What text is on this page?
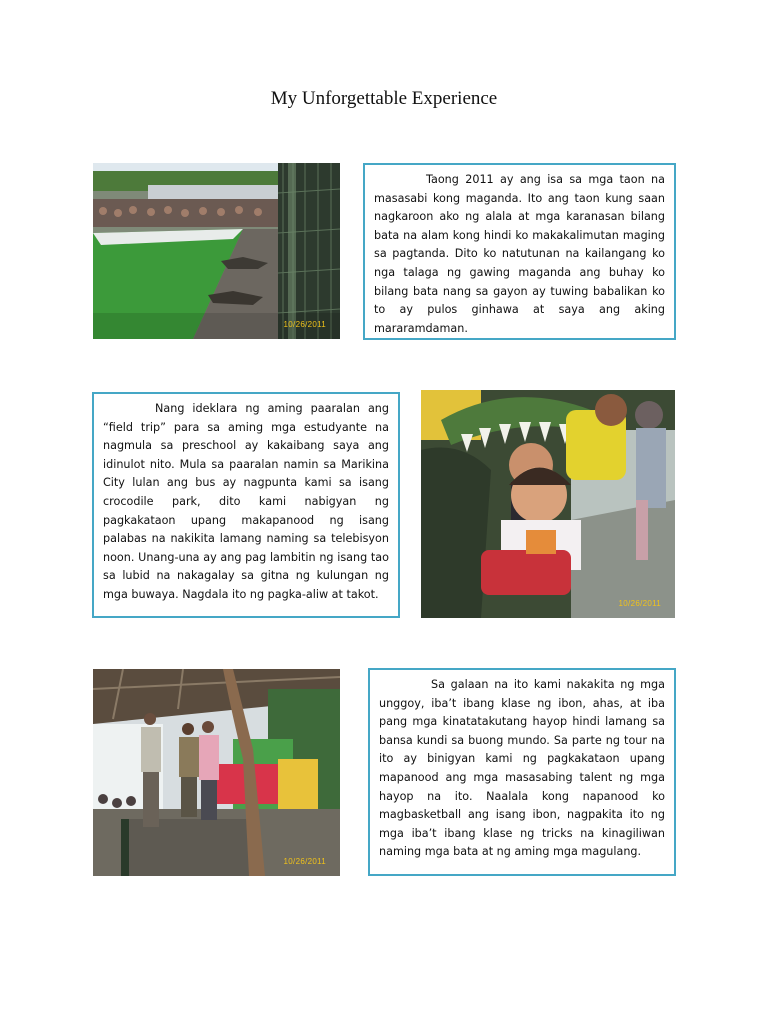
My Unforgettable Experience
10/26/2011

Taong 2011 ay ang isa sa mga taon na masasabi kong maganda. Ito ang taon kung saan nagkaroon ako ng alala at mga karanasan bilang bata na alam kong hindi ko makakalimutan maging sa pagtanda. Dito ko natutunan na kailangang ko nga talaga ng gawing maganda ang buhay ko bilang bata nang sa gayon ay tuwing babalikan ko to ay pulos ginhawa at saya ang aking mararamdaman.

Nang ideklara ng aming paaralan ang “field trip” para sa aming mga estudyante na nagmula sa preschool ay kakaibang saya ang idinulot nito. Mula sa paaralan namin sa Marikina City lulan ang bus ay nagpunta kami sa isang crocodile park, dito kami nabigyan ng pagkakataon upang makapanood ng isang palabas na nakikita lamang naming sa telebisyon noon. Unang-una ay ang pag lambitin ng isang tao sa lubid na nakagalay sa gitna ng kulungan ng mga buwaya. Nagdala ito ng pagka-aliw at takot.

10/26/2011
10/26/2011

Sa galaan na ito kami nakakita ng mga unggoy, iba’t ibang klase ng ibon, ahas, at iba pang mga kinatatakutang hayop hindi lamang sa bansa kundi sa buong mundo. Sa parte ng tour na ito ay binigyan kami ng pagkakataon upang mapanood ang mga masasabing talent ng mga hayop na ito. Naalala kong napanood ko magbasketball ang isang ibon, nagpakita ito ng mga iba’t ibang klase ng tricks na kinagiliwan naming mga bata at ng aming mga magulang.
